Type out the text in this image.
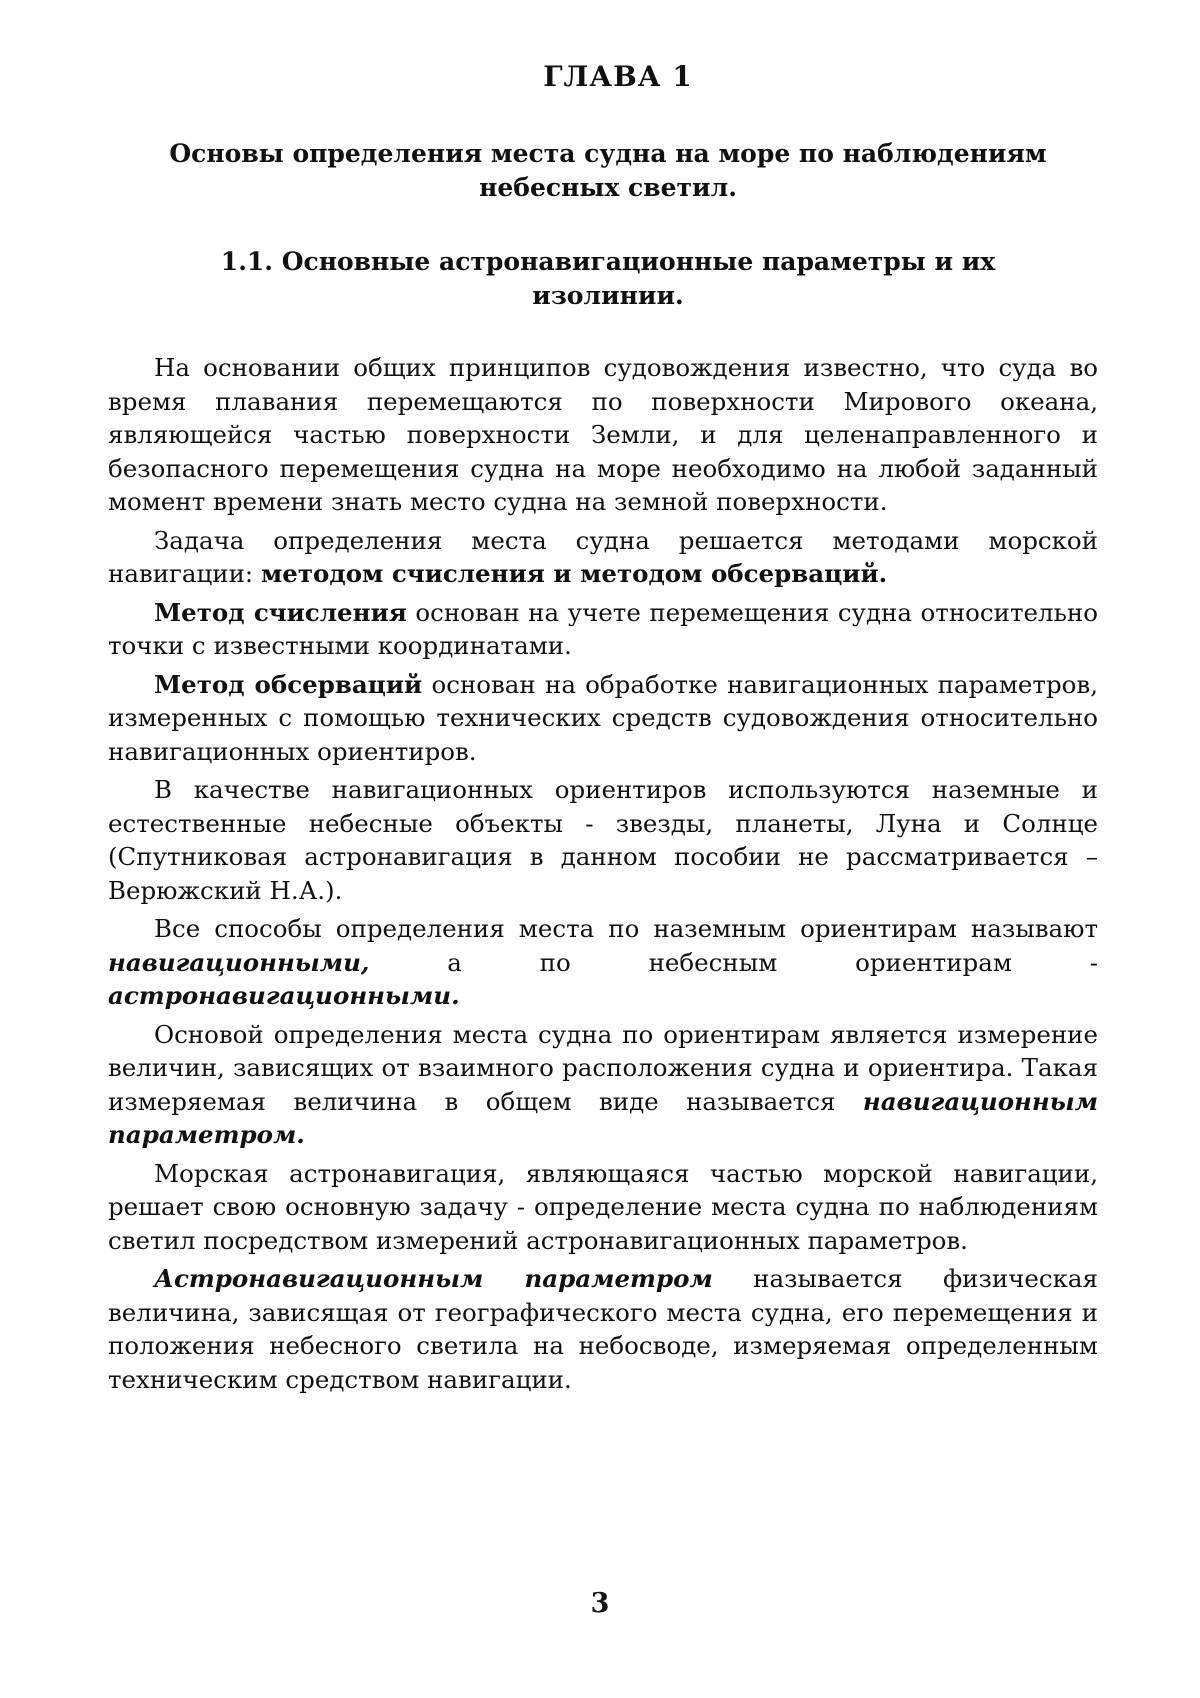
ГЛАВА 1
Основы определения места судна на море по наблюдениям небесных светил.
1.1. Основные астронавигационные параметры и их изолинии.

На основании общих принципов судовождения известно, что суда во время плавания перемещаются по поверхности Мирового океана, являющейся частью поверхности Земли, и для целенаправленного и безопасного перемещения судна на море необходимо на любой заданный момент времени знать место судна на земной поверхности.

Задача определения места судна решается методами морской навигации: методом счисления и методом обсерваций.

Метод счисления основан на учете перемещения судна относительно точки с известными координатами.

Метод обсерваций основан на обработке навигационных параметров, измеренных с помощью технических средств судовождения относительно навигационных ориентиров.

В качестве навигационных ориентиров используются наземные и естественные небесные объекты - звезды, планеты, Луна и Солнце (Спутниковая астронавигация в данном пособии не рассматривается – Верюжский Н.А.).

Все способы определения места по наземным ориентирам называют навигационными, а по небесным ориентирам - астронавигационными.

Основой определения места судна по ориентирам является измерение величин, зависящих от взаимного расположения судна и ориентира. Такая измеряемая величина в общем виде называется навигационным параметром.

Морская астронавигация, являющаяся частью морской навигации, решает свою основную задачу - определение места судна по наблюдениям светил посредством измерений астронавигационных параметров.

Астронавигационным параметром называется физическая величина, зависящая от географического места судна, его перемещения и положения небесного светила на небосводе, измеряемая определенным техническим средством навигации.

3
